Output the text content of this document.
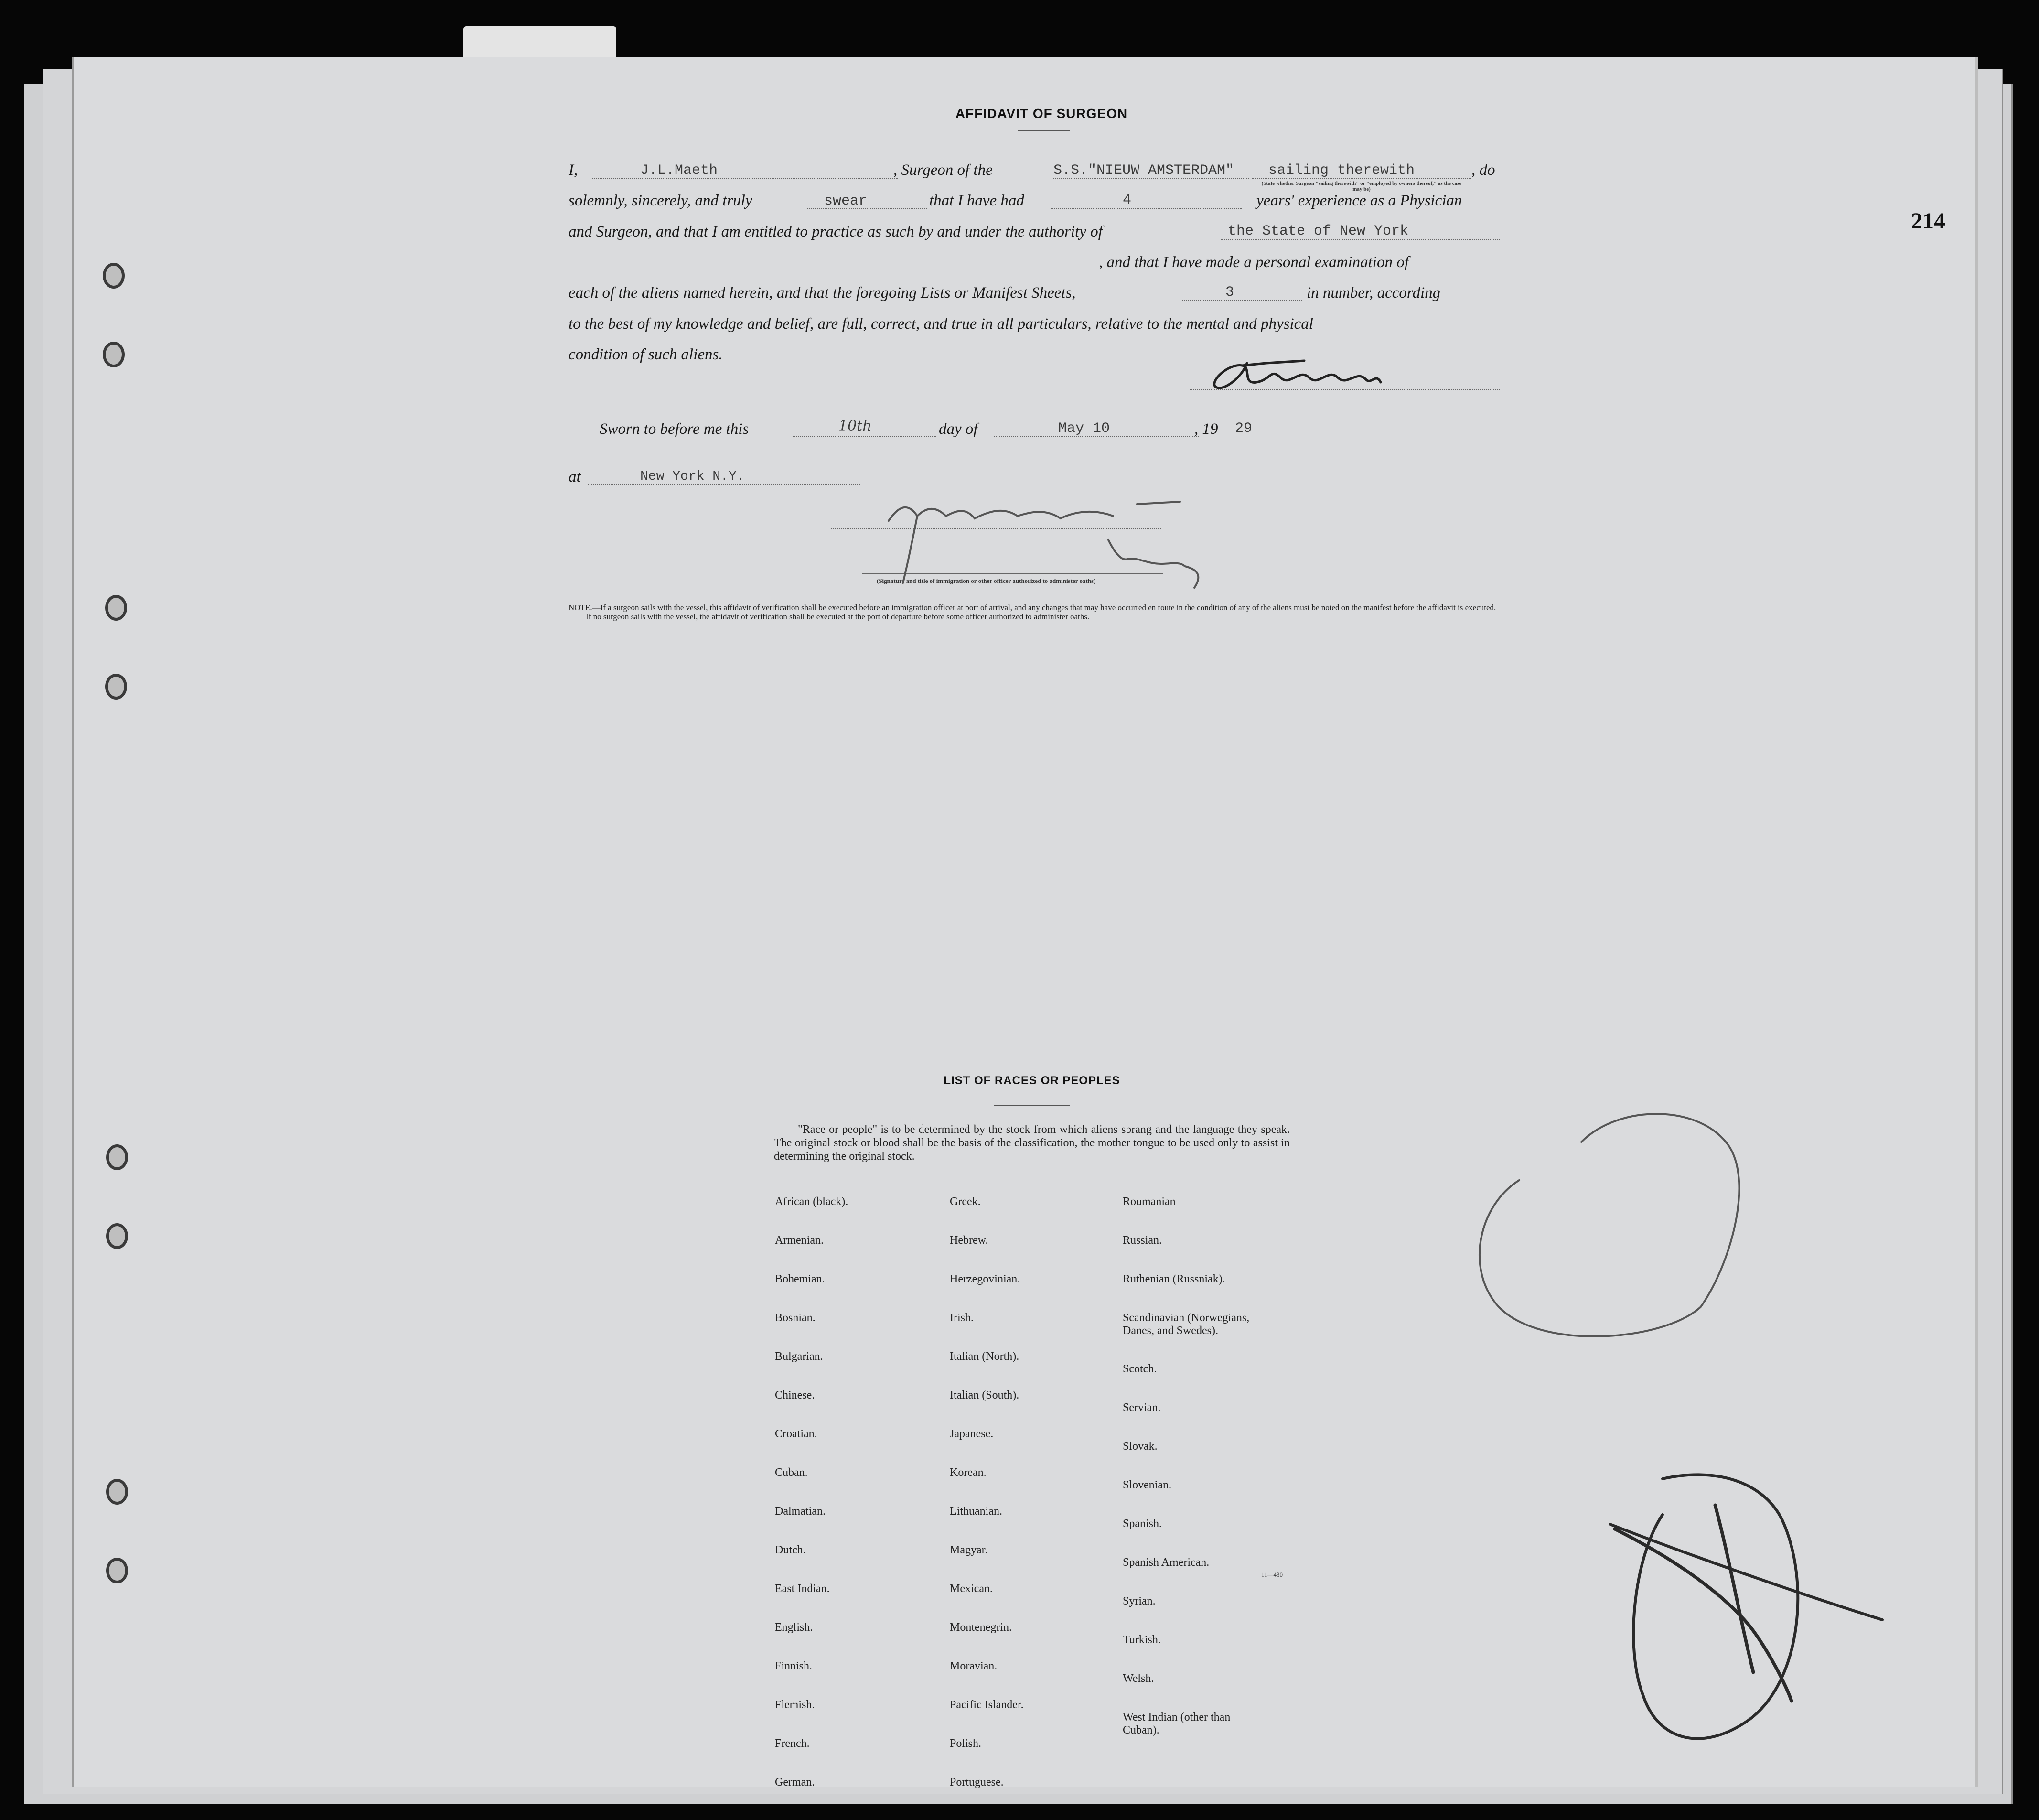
214
AFFIDAVIT OF SURGEON
I,	J.L.Maeth	, Surgeon of the	S.S."NIEUW AMSTERDAM" sailing therewith	, do
(State whether Surgeon "sailing therewith" or "employed by owners thereof," as the case may be)
solemnly, sincerely, and truly	swear	that I have had	4	years' experience as a Physician
and Surgeon, and that I am entitled to practice as such by and under the authority of	the State of New York
, and that I have made a personal examination of
each of the aliens named herein, and that the foregoing Lists or Manifest Sheets,	3	in number, according
to the best of my knowledge and belief, are full, correct, and true in all particulars, relative to the mental and physical
condition of such aliens.
Sworn to before me this	10th	day of	May 10	, 19 29
at	New York N.Y.
(Signature and title of immigration or other officer authorized to administer oaths)
NOTE.—If a surgeon sails with the vessel, this affidavit of verification shall be executed before an immigration officer at port of arrival, and any changes that may have occurred en route in the condition of any of the aliens must be noted on the manifest before the affidavit is executed.
If no surgeon sails with the vessel, the affidavit of verification shall be executed at the port of departure before some officer authorized to administer oaths.
LIST OF RACES OR PEOPLES
"Race or people" is to be determined by the stock from which aliens sprang and the language they speak. The original stock or blood shall be the basis of the classification, the mother tongue to be used only to assist in determining the original stock.

African (black).

Armenian.

Bohemian.

Bosnian.

Bulgarian.

Chinese.

Croatian.

Cuban.

Dalmatian.

Dutch.

East Indian.

English.

Finnish.

Flemish.

French.

German.

Greek.

Hebrew.

Herzegovinian.

Irish.

Italian (North).

Italian (South).

Japanese.

Korean.

Lithuanian.

Magyar.

Mexican.

Montenegrin.

Moravian.

Pacific Islander.

Polish.

Portuguese.

Roumanian

Russian.

Ruthenian (Russniak).

Scandinavian (Norwegians,
Danes, and Swedes).

Scotch.

Servian.

Slovak.

Slovenian.

Spanish.

Spanish American.

Syrian.

Turkish.

Welsh.

West Indian (other than
Cuban).

11—430
